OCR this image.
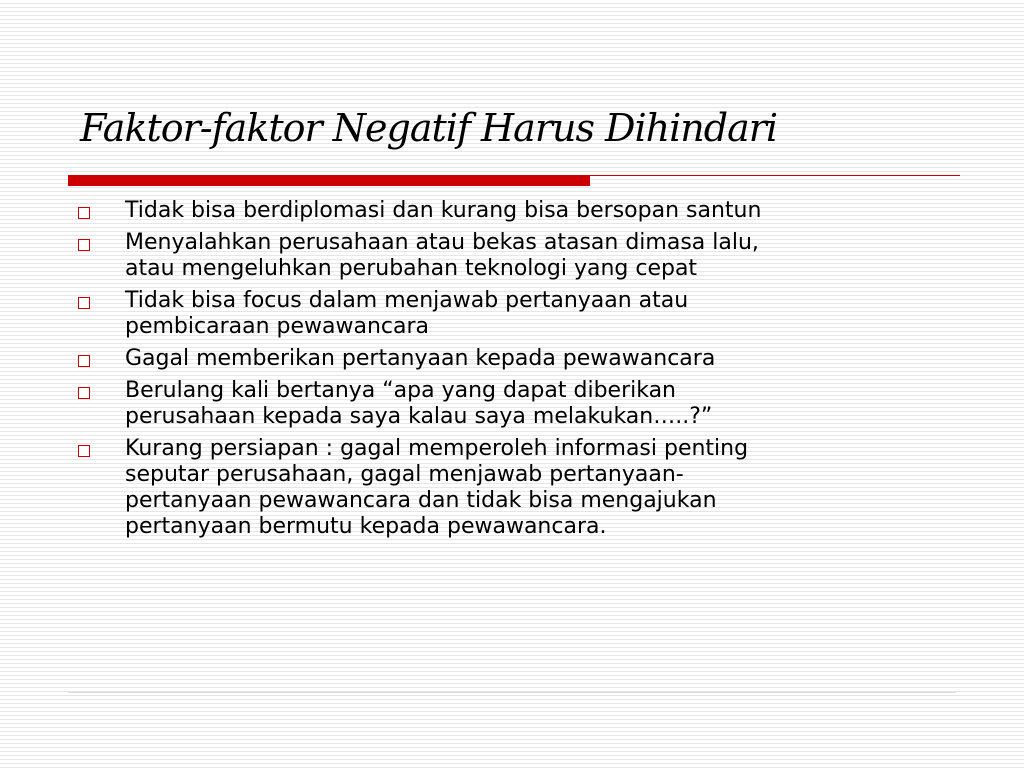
Faktor-faktor Negatif Harus Dihindari
Tidak bisa berdiplomasi dan kurang bisa bersopan santun
Menyalahkan perusahaan atau bekas atasan dimasa lalu,
atau mengeluhkan perubahan teknologi yang cepat
Tidak bisa focus dalam menjawab pertanyaan atau
pembicaraan pewawancara
Gagal memberikan pertanyaan kepada pewawancara
Berulang kali bertanya “apa yang dapat diberikan
perusahaan kepada saya kalau saya melakukan…..?”
Kurang persiapan : gagal memperoleh informasi penting
seputar perusahaan, gagal menjawab pertanyaan-
pertanyaan pewawancara dan tidak bisa mengajukan
pertanyaan bermutu kepada pewawancara.
